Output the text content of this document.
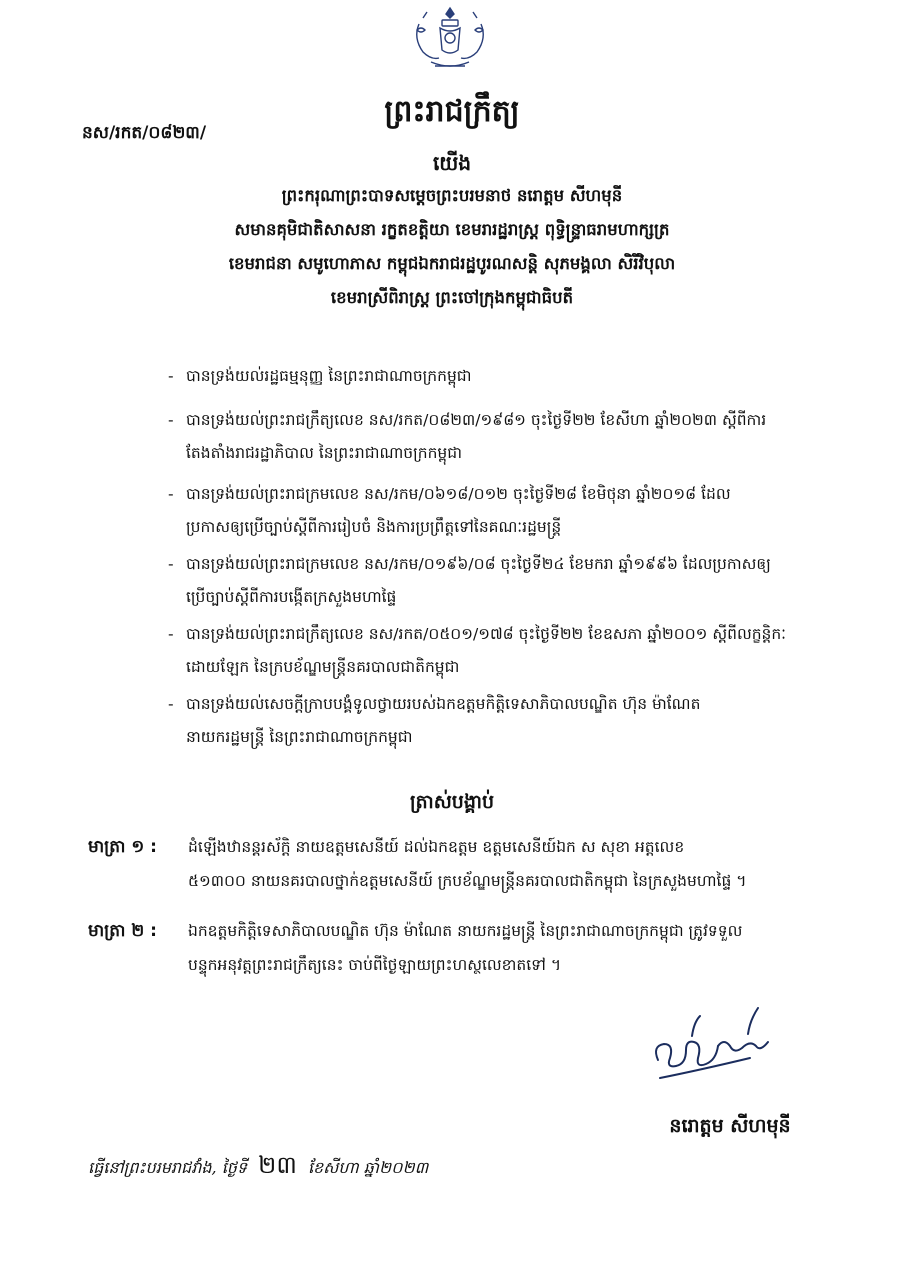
ព្រះរាជក្រឹត្យ
នស/រកត/០៨២៣/
យើង
ព្រះករុណាព្រះបាទសម្តេចព្រះបរមនាថ នរោត្តម សីហមុនី
សមានគុមិជាតិសាសនា រក្ខតខត្តិយា ខេមរារដ្ឋរាស្ត្រ ពុទ្ធិន្ទ្រាធរាមហាក្សត្រ
ខេមរាជនា សមូហោភាស កម្ពុជឯករាជរដ្ឋបូរណសន្តិ សុភមង្គលា សិរីវិបុលា
ខេមរាស្រីពិរាស្ត្រ ព្រះចៅក្រុងកម្ពុជាធិបតី
- បានទ្រង់យល់រដ្ឋធម្មនុញ្ញ នៃព្រះរាជាណាចក្រកម្ពុជា
- បានទ្រង់យល់ព្រះរាជក្រឹត្យលេខ នស/រកត/០៨២៣/១៩៨១ ចុះថ្ងៃទី២២ ខែសីហា ឆ្នាំ២០២៣ ស្តីពីការ
តែងតាំងរាជរដ្ឋាភិបាល នៃព្រះរាជាណាចក្រកម្ពុជា
- បានទ្រង់យល់ព្រះរាជក្រមលេខ នស/រកម/០៦១៨/០១២ ចុះថ្ងៃទី២៨ ខែមិថុនា ឆ្នាំ២០១៨ ដែល
ប្រកាសឲ្យប្រើច្បាប់ស្តីពីការរៀបចំ និងការប្រព្រឹត្តទៅនៃគណៈរដ្ឋមន្ត្រី
- បានទ្រង់យល់ព្រះរាជក្រមលេខ នស/រកម/០១៩៦/០៨ ចុះថ្ងៃទី២៤ ខែមករា ឆ្នាំ១៩៩៦ ដែលប្រកាសឲ្យ
ប្រើច្បាប់ស្តីពីការបង្កើតក្រសួងមហាផ្ទៃ
- បានទ្រង់យល់ព្រះរាជក្រឹត្យលេខ នស/រកត/០៥០១/១៧៨ ចុះថ្ងៃទី២២ ខែឧសភា ឆ្នាំ២០០១ ស្តីពីលក្ខន្តិកៈ
ដោយឡែក នៃក្របខ័ណ្ឌមន្ត្រីនគរបាលជាតិកម្ពុជា
- បានទ្រង់យល់សេចក្តីក្រាបបង្គំទូលថ្វាយរបស់ឯកឧត្តមកិត្តិទេសាភិបាលបណ្ឌិត ហ៊ុន ម៉ាណែត
នាយករដ្ឋមន្ត្រី នៃព្រះរាជាណាចក្រកម្ពុជា
ត្រាស់បង្គាប់
មាត្រា ១ : ដំឡើងឋានន្តរស័ក្តិ នាយឧត្តមសេនីយ៍ ដល់ឯកឧត្តម ឧត្តមសេនីយ៍ឯក ស សុខា អត្តលេខ
៥១៣០០ នាយនគរបាលថ្នាក់ឧត្តមសេនីយ៍ ក្របខ័ណ្ឌមន្ត្រីនគរបាលជាតិកម្ពុជា នៃក្រសួងមហាផ្ទៃ ។
មាត្រា ២ : ឯកឧត្តមកិត្តិទេសាភិបាលបណ្ឌិត ហ៊ុន ម៉ាណែត នាយករដ្ឋមន្ត្រី នៃព្រះរាជាណាចក្រកម្ពុជា ត្រូវទទួល
បន្ទុកអនុវត្តព្រះរាជក្រឹត្យនេះ ចាប់ពីថ្ងៃឡាយព្រះហស្ថលេខាតទៅ ។
នរោត្តម សីហមុនី
ធ្វើនៅព្រះបរមរាជវាំង, ថ្ងៃទី ២៣ ខែសីហា ឆ្នាំ២០២៣
